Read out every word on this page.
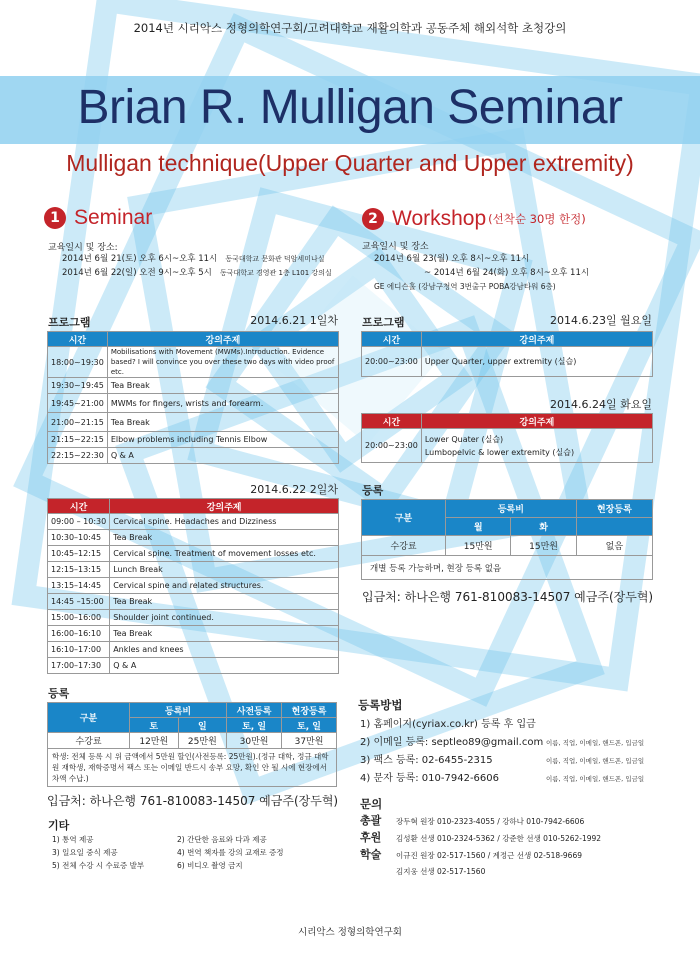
2014년 시리악스 정형의학연구회/고려대학교 재활의학과 공동주체 해외석학 초청강의
Brian R. Mulligan Seminar
Mulligan technique(Upper Quarter and Upper extremity)
1 Seminar
교육일시 및 장소:
2014년 6월 21(토) 오후 6시~오후 11시 동국대학교 문화관 덕암세미나실
2014년 6월 22(일) 오전 9시~오후 5시 동국대학교 경영관 1층 L101 강의실
프로그램	2014.6.21 1일차
시간	강의주제
18:00~19:30	Mobilisations with Movement (MWMs).Introduction. Evidence based? I will convince you over these two days with video proof etc.
19:30~19:45	Tea Break
19:45~21:00	MWMs for fingers, wrists and forearm.
21:00~21:15	Tea Break
21:15~22:15	Elbow problems including Tennis Elbow
22:15~22:30	Q & A
2014.6.22 2일차
시간	강의주제
09:00 – 10:30	Cervical spine. Headaches and Dizziness
10:30–10:45	Tea Break
10:45–12:15	Cervical spine. Treatment of movement losses etc.
12:15–13:15	Lunch Break
13:15–14:45	Cervical spine and related structures.
14:45 –15:00	Tea Break
15:00–16:00	Shoulder joint continued.
16:00–16:10	Tea Break
16:10–17:00	Ankles and knees
17:00–17:30	Q & A
등록
구분	등록비		사전등록	현장등록
	토	일	토, 일	토, 일
수강료	12만원	25만원	30만원	37만원
학생: 전체 등록 시 위 금액에서 5만원 할인(사전등록: 25만원).(정규 대학, 정규 대학원 재학생, 재학증명서 팩스 또는 이메일 반드시 송부 요망, 확인 안 될 시에 현장에서 차액 수납.)				
입금처: 하나은행 761-810083-14507 예금주(장두혁)
기타
1) 통역 제공	2) 간단한 음료와 다과 제공
3) 일요일 중식 제공	4) 번역 책자를 강의 교재로 증정
5) 전체 수강 시 수료증 발부	6) 비디오 촬영 금지
2 Workshop (선착순 30명 한정)
교육일시 및 장소
2014년 6월 23(월) 오후 8시~오후 11시
~ 2014년 6월 24(화) 오후 8시~오후 11시
GE 에디슨홀 (강남구청역 3번출구 POBA강남타워 6층)
프로그램	2014.6.23일 월요일
시간	강의주제
20:00~23:00	Upper Quarter, upper extremity (실습)
2014.6.24일 화요일
시간	강의주제
20:00~23:00	Lower Quater (실습)
Lumbopelvic & lower extremity (실습)
등록
구분	등록비		현장등록
	월	화	
수강료	15만원	15만원	없음
개별 등록 가능하며, 현장 등록 없음			
입금처: 하나은행 761-810083-14507 예금주(장두혁)
등록방법
1) 홈페이지(cyriax.co.kr) 등록 후 입금
2) 이메일 등록: septleo89@gmail.com 이름, 직업, 이메일, 핸드폰, 입금일
3) 팩스 등록: 02-6455-2315	이름, 직업, 이메일, 핸드폰, 입금일
4) 문자 등록: 010-7942-6606	이름, 직업, 이메일, 핸드폰, 입금일
문의
총괄	장두혁 원장 010-2323-4055 / 강하나 010-7942-6606
후원	김성환 선생 010-2324-5362 / 강준한 선생 010-5262-1992
학술	이규진 원장 02-517-1560 / 계정근 선생 02-518-9669
김지웅 선생 02-517-1560
시리악스 정형의학연구회
